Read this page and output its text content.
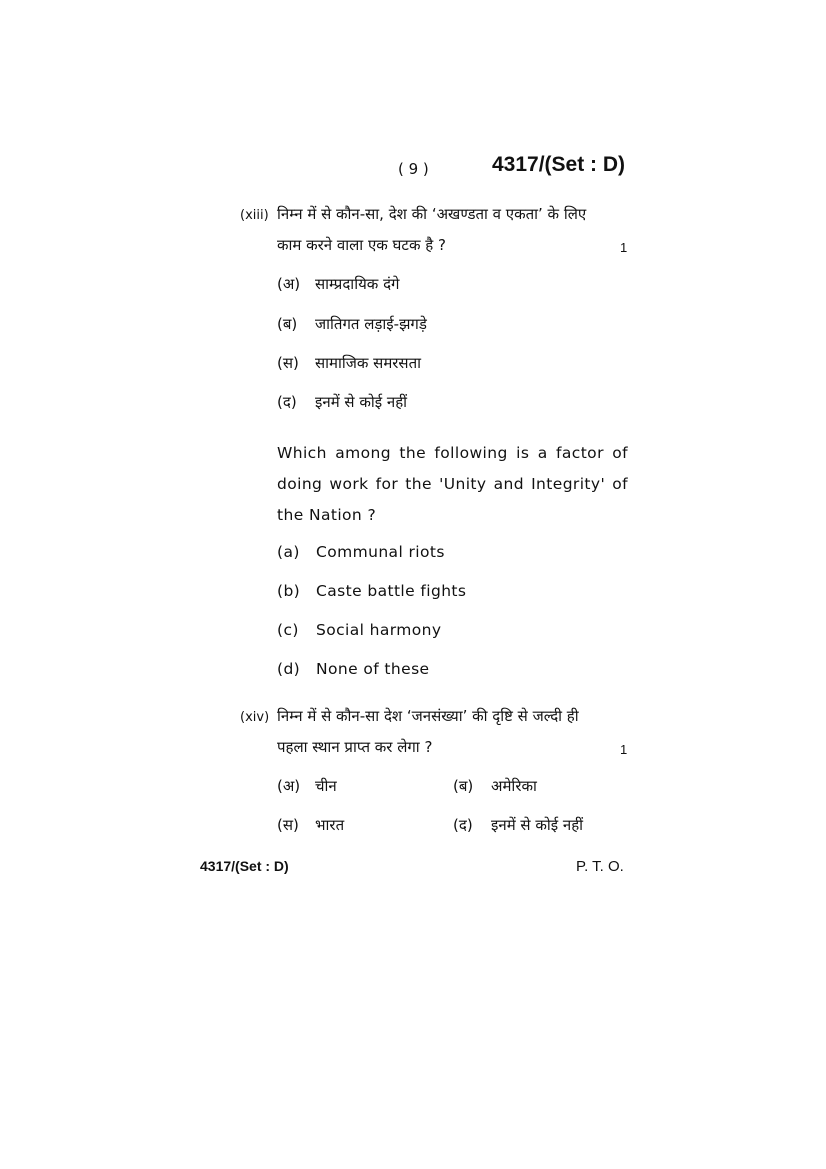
( 9 )	4317/(Set : D)
(xiii) निम्न में से कौन-सा, देश की ‘अखण्डता व एकता’ के लिए
काम करने वाला एक घटक है ?	1
(अ) साम्प्रदायिक दंगे
(ब) जातिगत लड़ाई-झगड़े
(स) सामाजिक समरसता
(द) इनमें से कोई नहीं
Which among the following is a factor of doing work for the 'Unity and Integrity' of the Nation ?
(a) Communal riots
(b) Caste battle fights
(c) Social harmony
(d) None of these
(xiv) निम्न में से कौन-सा देश ‘जनसंख्या’ की दृष्टि से जल्दी ही
पहला स्थान प्राप्त कर लेगा ?	1
(अ) चीन	(ब) अमेरिका
(स) भारत	(द) इनमें से कोई नहीं
4317/(Set : D)	P. T. O.
